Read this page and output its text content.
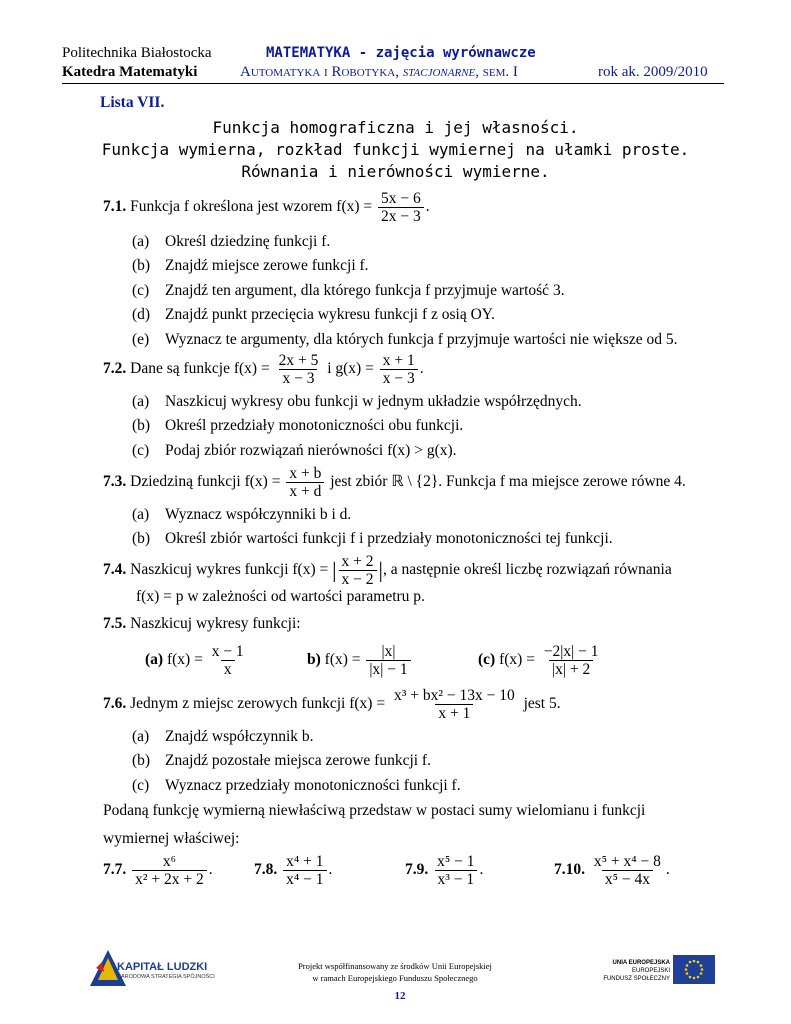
Politechnika Białostocka
Katedra Matematyki
MATEMATYKA - zajęcia wyrównawcze
Automatyka i Robotyka, stacjonarne, sem. I	rok ak. 2009/2010
Lista VII.
Funkcja homograficzna i jej własności.
Funkcja wymierna, rozkład funkcji wymiernej na ułamki proste.
Równania i nierówności wymierne.
7.1. Funkcja f określona jest wzorem $f(x) = \frac{5x - 6}{2x - 3}$ .
(a) Określ dziedzinę funkcji f.
(b) Znajdź miejsce zerowe funkcji f.
(c) Znajdź ten argument, dla którego funkcja f przyjmuje wartość 3.
(d) Znajdź punkt przecięcia wykresu funkcji f z osią OY.
(e) Wyznacz te argumenty, dla których funkcja f przyjmuje wartości nie większe od 5.
7.2. Dane są funkcje $f(x) = \frac{2x + 5}{x - 3}$ i $g(x) = \frac{x + 1}{x - 3}$ .
(a) Naszkicuj wykresy obu funkcji w jednym układzie współrzędnych.
(b) Określ przedziały monotoniczności obu funkcji.
(c) Podaj zbiór rozwiązań nierówności f(x) > g(x).
7.3. Dziedziną funkcji $f(x) = \frac{x + b}{x + d}$ jest zbiór ℝ \ {2}. Funkcja f ma miejsce zerowe równe 4.
(a) Wyznacz współczynniki b i d.
(b) Określ zbiór wartości funkcji f i przedziały monotoniczności tej funkcji.
7.4. Naszkicuj wykres funkcji f(x) = | $\frac{x + 2}{x - 2}$ |, a następnie określ liczbę rozwiązań równania
f(x) = p w zależności od wartości parametru p.
7.5. Naszkicuj wykresy funkcji:
(a) $f(x) = \frac{x - 1}{x}$	b) $f(x) = \frac{|x|}{|x| - 1}$	(c) $f(x) = \frac{-2|x| - 1}{|x| + 2}$
7.6. Jednym z miejsc zerowych funkcji $f(x) = \frac{\text{x³ + bx² − 13x − 10}}{x + 1}$ jest 5.
(a) Znajdź współczynnik b.
(b) Znajdź pozostałe miejsca zerowe funkcji f.
(c) Wyznacz przedziały monotoniczności funkcji f.
Podaną funkcję wymierną niewłaściwą przedstaw w postaci sumy wielomianu i funkcji
wymiernej właściwej:
7.7. $\frac{\text{x⁶}}{\text{x² + 2x + 2}}$ .	7.8. $\frac{\text{x⁴ + 1}}{\text{x⁴ − 1}}$ .	7.9. $\frac{\text{x⁵ − 1}}{\text{x³ − 1}}$ .	7.10. $\frac{\text{x⁵ + x⁴ − 8}}{\text{x⁵ − 4x}}$ .
KAPITAŁ LUDZKI
NARODOWA STRATEGIA SPÓJNOŚCI
Projekt współfinansowany ze środków Unii Europejskiej
w ramach Europejskiego Funduszu Społecznego
12
UNIA EUROPEJSKA
EUROPEJSKI
FUNDUSZ SPOŁECZNY
